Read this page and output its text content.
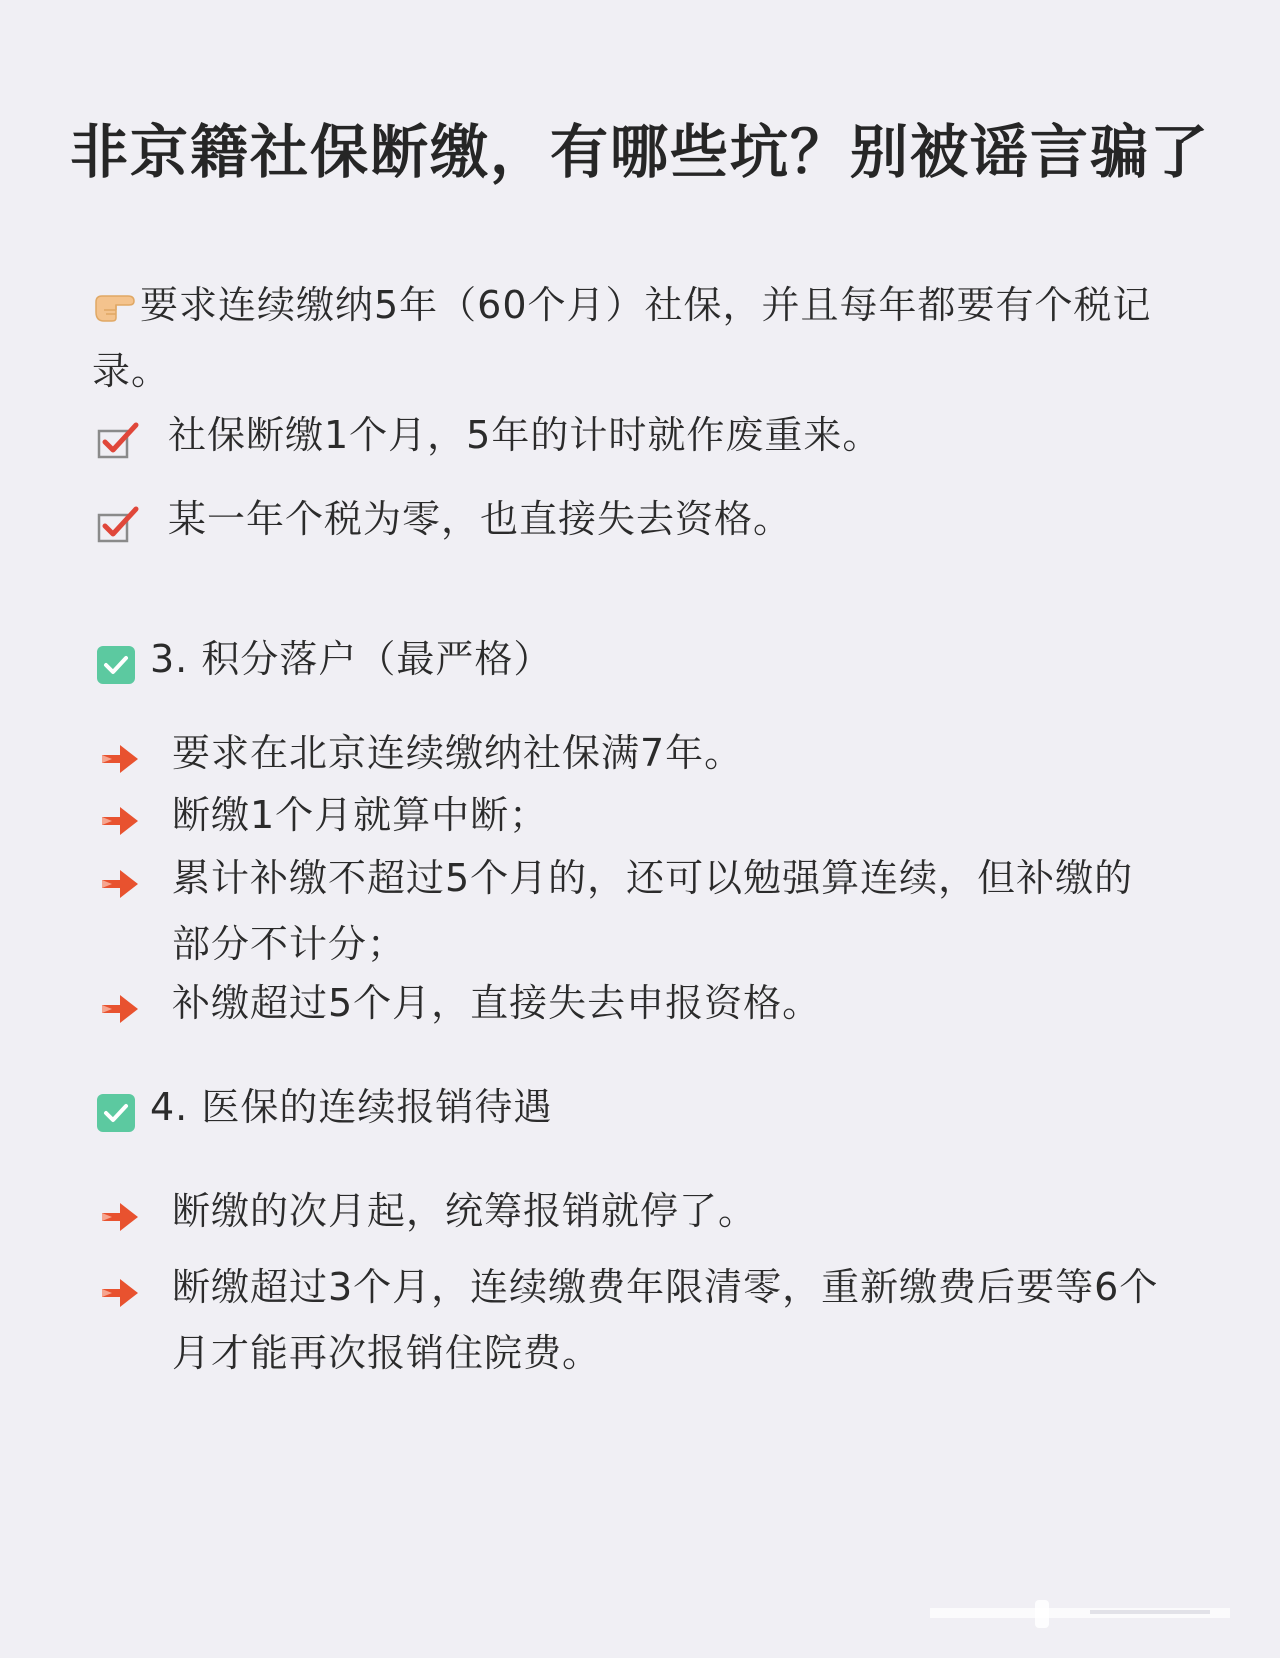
非京籍社保断缴，有哪些坑？别被谣言骗了
要求连续缴纳5年（60个月）社保，并且每年都要有个税记录。
社保断缴1个月，5年的计时就作废重来。
某一年个税为零，也直接失去资格。
3. 积分落户（最严格）
要求在北京连续缴纳社保满7年。
断缴1个月就算中断；
累计补缴不超过5个月的，还可以勉强算连续，但补缴的部分不计分；
补缴超过5个月，直接失去申报资格。
4. 医保的连续报销待遇
断缴的次月起，统筹报销就停了。
断缴超过3个月，连续缴费年限清零，重新缴费后要等6个月才能再次报销住院费。
